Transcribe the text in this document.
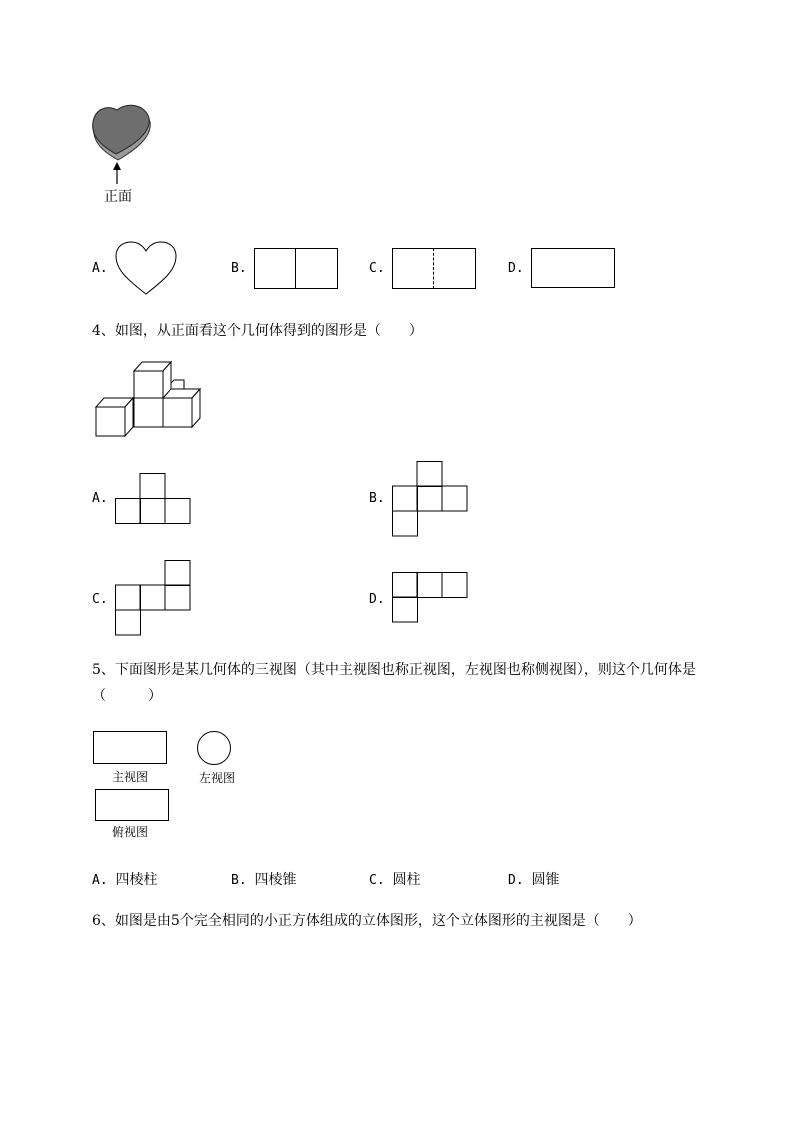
正面
A.	B.	C.	D.
4、如图，从正面看这个几何体得到的图形是（　　）
A.	B.
C.	D.
5、下面图形是某几何体的三视图（其中主视图也称正视图，左视图也称侧视图），则这个几何体是
（　　　）
主视图	左视图
俯视图
A. 四棱柱	B. 四棱锥	C. 圆柱	D. 圆锥
6、如图是由5个完全相同的小正方体组成的立体图形，这个立体图形的主视图是（　　）
